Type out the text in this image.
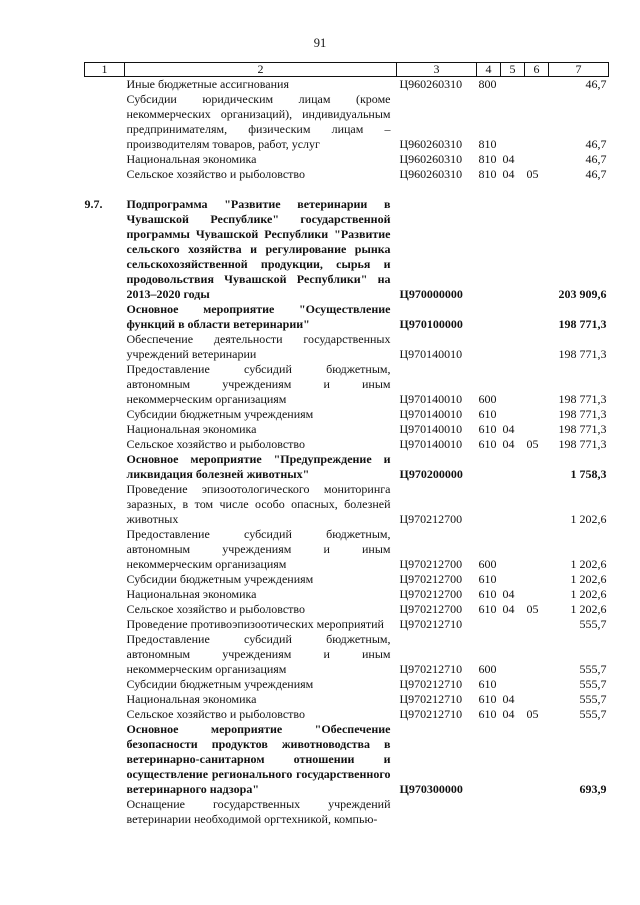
91
1	2	3	4	5	6	7
	Иные бюджетные ассигнования	Ц960260310	800			46,7
	Субсидии юридическим лицам (кроме некоммерческих организаций), индивидуальным предпринимателям, физическим лицам – производителям товаров, работ, услуг	Ц960260310	810			46,7
	Национальная экономика	Ц960260310	810	04		46,7
	Сельское хозяйство и рыболовство	Ц960260310	810	04	05	46,7

9.7.	Подпрограмма "Развитие ветеринарии в Чувашской Республике" государственной программы Чувашской Республики "Развитие сельского хозяйства и регулирование рынка сельскохозяйственной продукции, сырья и продовольствия Чувашской Республики" на 2013–2020 годы	Ц970000000				203 909,6
	Основное мероприятие "Осуществление функций в области ветеринарии"	Ц970100000				198 771,3
	Обеспечение деятельности государственных учреждений ветеринарии	Ц970140010				198 771,3
	Предоставление субсидий бюджетным, автономным учреждениям и иным некоммерческим организациям	Ц970140010	600			198 771,3
	Субсидии бюджетным учреждениям	Ц970140010	610			198 771,3
	Национальная экономика	Ц970140010	610	04		198 771,3
	Сельское хозяйство и рыболовство	Ц970140010	610	04	05	198 771,3
	Основное мероприятие "Предупреждение и ликвидация болезней животных"	Ц970200000				1 758,3
	Проведение эпизоотологического мониторинга заразных, в том числе особо опасных, болезней животных	Ц970212700				1 202,6
	Предоставление субсидий бюджетным, автономным учреждениям и иным некоммерческим организациям	Ц970212700	600			1 202,6
	Субсидии бюджетным учреждениям	Ц970212700	610			1 202,6
	Национальная экономика	Ц970212700	610	04		1 202,6
	Сельское хозяйство и рыболовство	Ц970212700	610	04	05	1 202,6
	Проведение противоэпизоотических мероприятий	Ц970212710				555,7
	Предоставление субсидий бюджетным, автономным учреждениям и иным некоммерческим организациям	Ц970212710	600			555,7
	Субсидии бюджетным учреждениям	Ц970212710	610			555,7
	Национальная экономика	Ц970212710	610	04		555,7
	Сельское хозяйство и рыболовство	Ц970212710	610	04	05	555,7
	Основное мероприятие "Обеспечение безопасности продуктов животноводства в ветеринарно-санитарном отношении и осуществление регионального государственного ветеринарного надзора"	Ц970300000				693,9
	Оснащение государственных учреждений ветеринарии необходимой оргтехникой, компью-					
